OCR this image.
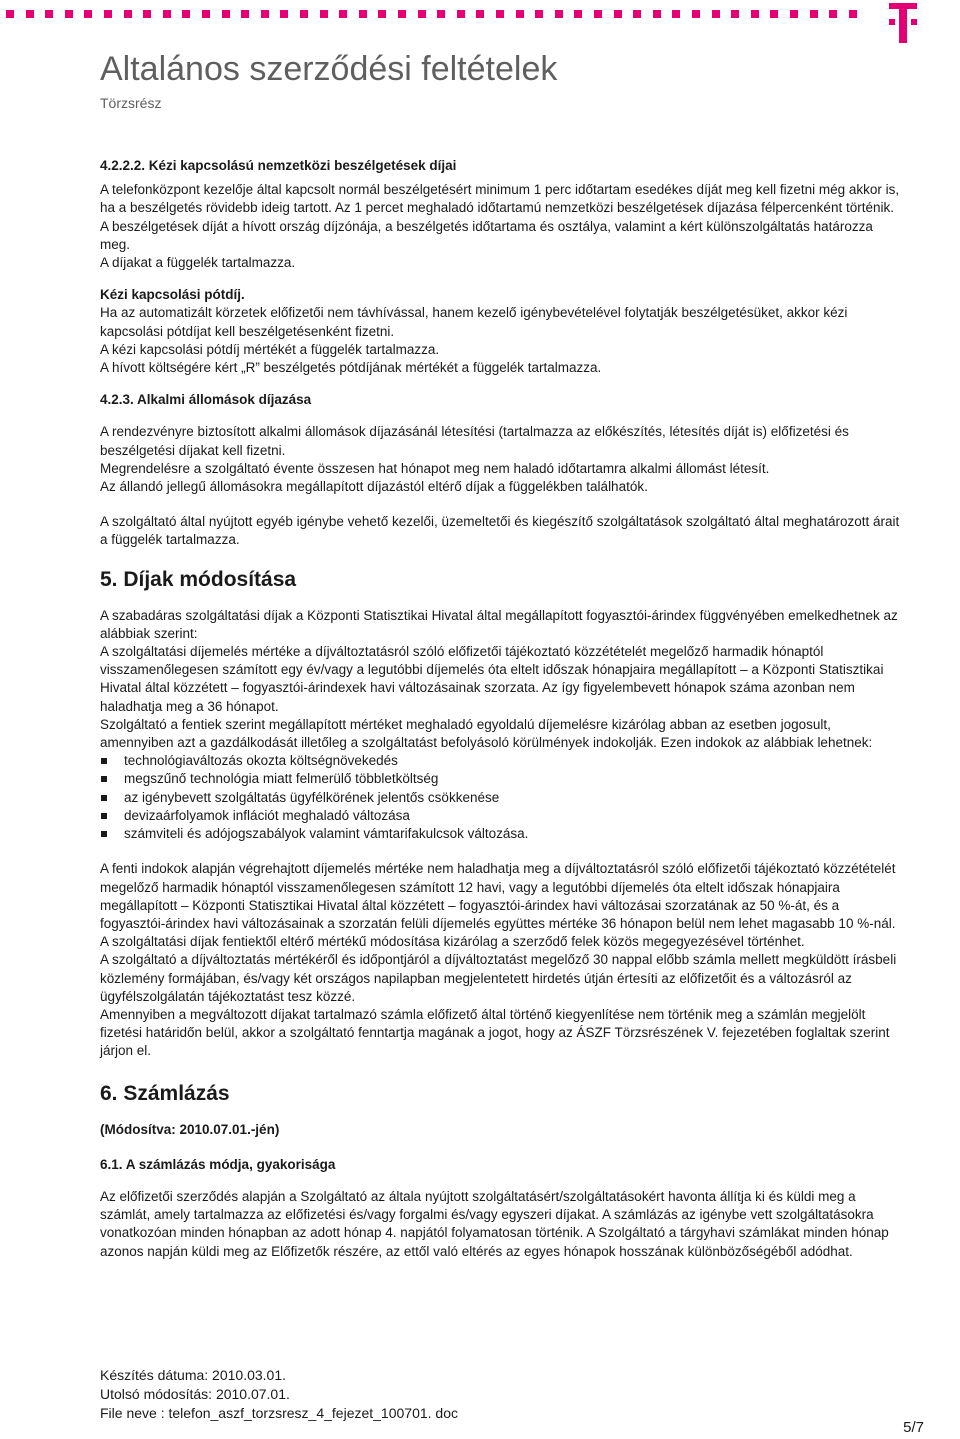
Altalános szerződési feltételek
Törzsrész

4.2.2.2. Kézi kapcsolású nemzetközi beszélgetések díjai

A telefonközpont kezelője által kapcsolt normál beszélgetésért minimum 1 perc időtartam esedékes díját meg kell fizetni még akkor is, ha a beszélgetés rövidebb ideig tartott. Az 1 percet meghaladó időtartamú nemzetközi beszélgetések díjazása félpercenként történik.

A beszélgetések díját a hívott ország díjzónája, a beszélgetés időtartama és osztálya, valamint a kért különszolgáltatás határozza meg.

A díjakat a függelék tartalmazza.

Kézi kapcsolási pótdíj.

Ha az automatizált körzetek előfizetői nem távhívással, hanem kezelő igénybevételével folytatják beszélgetésüket, akkor kézi kapcsolási pótdíjat kell beszélgetésenként fizetni.

A kézi kapcsolási pótdíj mértékét a függelék tartalmazza.

A hívott költségére kért „R” beszélgetés pótdíjának mértékét a függelék tartalmazza.

4.2.3. Alkalmi állomások díjazása

A rendezvényre biztosított alkalmi állomások díjazásánál létesítési (tartalmazza az előkészítés, létesítés díját is) előfizetési és beszélgetési díjakat kell fizetni.

Megrendelésre a szolgáltató évente összesen hat hónapot meg nem haladó időtartamra alkalmi állomást létesít.

Az állandó jellegű állomásokra megállapított díjazástól eltérő díjak a függelékben találhatók.

A szolgáltató által nyújtott egyéb igénybe vehető kezelői, üzemeltetői és kiegészítő szolgáltatások szolgáltató által meghatározott árait a függelék tartalmazza.

5. Díjak módosítása

A szabadáras szolgáltatási díjak a Központi Statisztikai Hivatal által megállapított fogyasztói-árindex függvényében emelkedhetnek az alábbiak szerint:

A szolgáltatási díjemelés mértéke a díjváltoztatásról szóló előfizetői tájékoztató közzétételét megelőző harmadik hónaptól visszamenőlegesen számított egy év/vagy a legutóbbi díjemelés óta eltelt időszak hónapjaira megállapított – a Központi Statisztikai Hivatal által közzétett – fogyasztói-árindexek havi változásainak szorzata. Az így figyelembevett hónapok száma azonban nem haladhatja meg a 36 hónapot.

Szolgáltató a fentiek szerint megállapított mértéket meghaladó egyoldalú díjemelésre kizárólag abban az esetben jogosult, amennyiben azt a gazdálkodását illetőleg a szolgáltatást befolyásoló körülmények indokolják. Ezen indokok az alábbiak lehetnek:

technológiaváltozás okozta költségnövekedés
megszűnő technológia miatt felmerülő többletköltség
az igénybevett szolgáltatás ügyfélkörének jelentős csökkenése
devizaárfolyamok inflációt meghaladó változása
számviteli és adójogszabályok valamint vámtarifakulcsok változása.

A fenti indokok alapján végrehajtott díjemelés mértéke nem haladhatja meg a díjváltoztatásról szóló előfizetői tájékoztató közzétételét megelőző harmadik hónaptól visszamenőlegesen számított 12 havi, vagy a legutóbbi díjemelés óta eltelt időszak hónapjaira megállapított – Központi Statisztikai Hivatal által közzétett – fogyasztói-árindex havi változásai szorzatának az 50 %-át, és a fogyasztói-árindex havi változásainak a szorzatán felüli díjemelés együttes mértéke 36 hónapon belül nem lehet magasabb 10 %-nál.

A szolgáltatási díjak fentiektől eltérő mértékű módosítása kizárólag a szerződő felek közös megegyezésével történhet.

A szolgáltató a díjváltoztatás mértékéről és időpontjáról a díjváltoztatást megelőző 30 nappal előbb számla mellett megküldött írásbeli közlemény formájában, és/vagy két országos napilapban megjelentetett hirdetés útján értesíti az előfizetőit és a változásról az ügyfélszolgálatán tájékoztatást tesz közzé.

Amennyiben a megváltozott díjakat tartalmazó számla előfizető által történő kiegyenlítése nem történik meg a számlán megjelölt fizetési határidőn belül, akkor a szolgáltató fenntartja magának a jogot, hogy az ÁSZF Törzsrészének V. fejezetében foglaltak szerint járjon el.

6. Számlázás

(Módosítva: 2010.07.01.-jén)

6.1. A számlázás módja, gyakorisága

Az előfizetői szerződés alapján a Szolgáltató az általa nyújtott szolgáltatásért/szolgáltatásokért havonta állítja ki és küldi meg a számlát, amely tartalmazza az előfizetési és/vagy forgalmi és/vagy egyszeri díjakat. A számlázás az igénybe vett szolgáltatásokra vonatkozóan minden hónapban az adott hónap 4. napjától folyamatosan történik. A Szolgáltató a tárgyhavi számlákat minden hónap azonos napján küldi meg az Előfizetők részére, az ettől való eltérés az egyes hónapok hosszának különbözőségéből adódhat.

Készítés dátuma: 2010.03.01.
Utolsó módosítás: 2010.07.01.
File neve : telefon_aszf_torzsresz_4_fejezet_100701. doc
5/7
